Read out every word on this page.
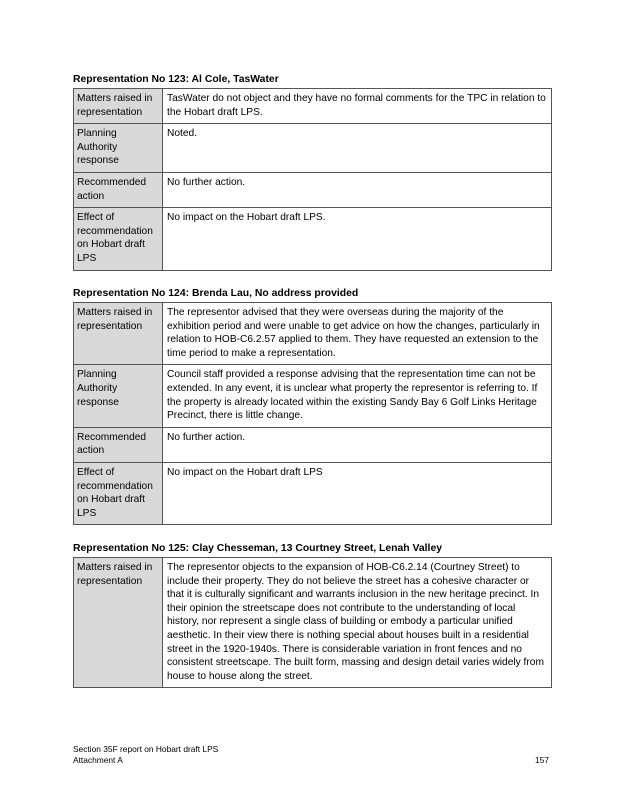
Representation No 123: Al Cole, TasWater
Matters raised in representation	TasWater do not object and they have no formal comments for the TPC in relation to the Hobart draft LPS.
Planning Authority response	Noted.
Recommended action	No further action.
Effect of recommendation on Hobart draft LPS	No impact on the Hobart draft LPS.
Representation No 124: Brenda Lau, No address provided
Matters raised in representation	The representor advised that they were overseas during the majority of the exhibition period and were unable to get advice on how the changes, particularly in relation to HOB-C6.2.57 applied to them. They have requested an extension to the time period to make a representation.
Planning Authority response	Council staff provided a response advising that the representation time can not be extended. In any event, it is unclear what property the representor is referring to. If the property is already located within the existing Sandy Bay 6 Golf Links Heritage Precinct, there is little change.
Recommended action	No further action.
Effect of recommendation on Hobart draft LPS	No impact on the Hobart draft LPS
Representation No 125: Clay Chesseman, 13 Courtney Street, Lenah Valley
Matters raised in representation	The representor objects to the expansion of HOB-C6.2.14 (Courtney Street) to include their property. They do not believe the street has a cohesive character or that it is culturally significant and warrants inclusion in the new heritage precinct. In their opinion the streetscape does not contribute to the understanding of local history, nor represent a single class of building or embody a particular unified aesthetic. In their view there is nothing special about houses built in a residential street in the 1920-1940s. There is considerable variation in front fences and no consistent streetscape. The built form, massing and design detail varies widely from house to house along the street.
Section 35F report on Hobart draft LPS
Attachment A	157
